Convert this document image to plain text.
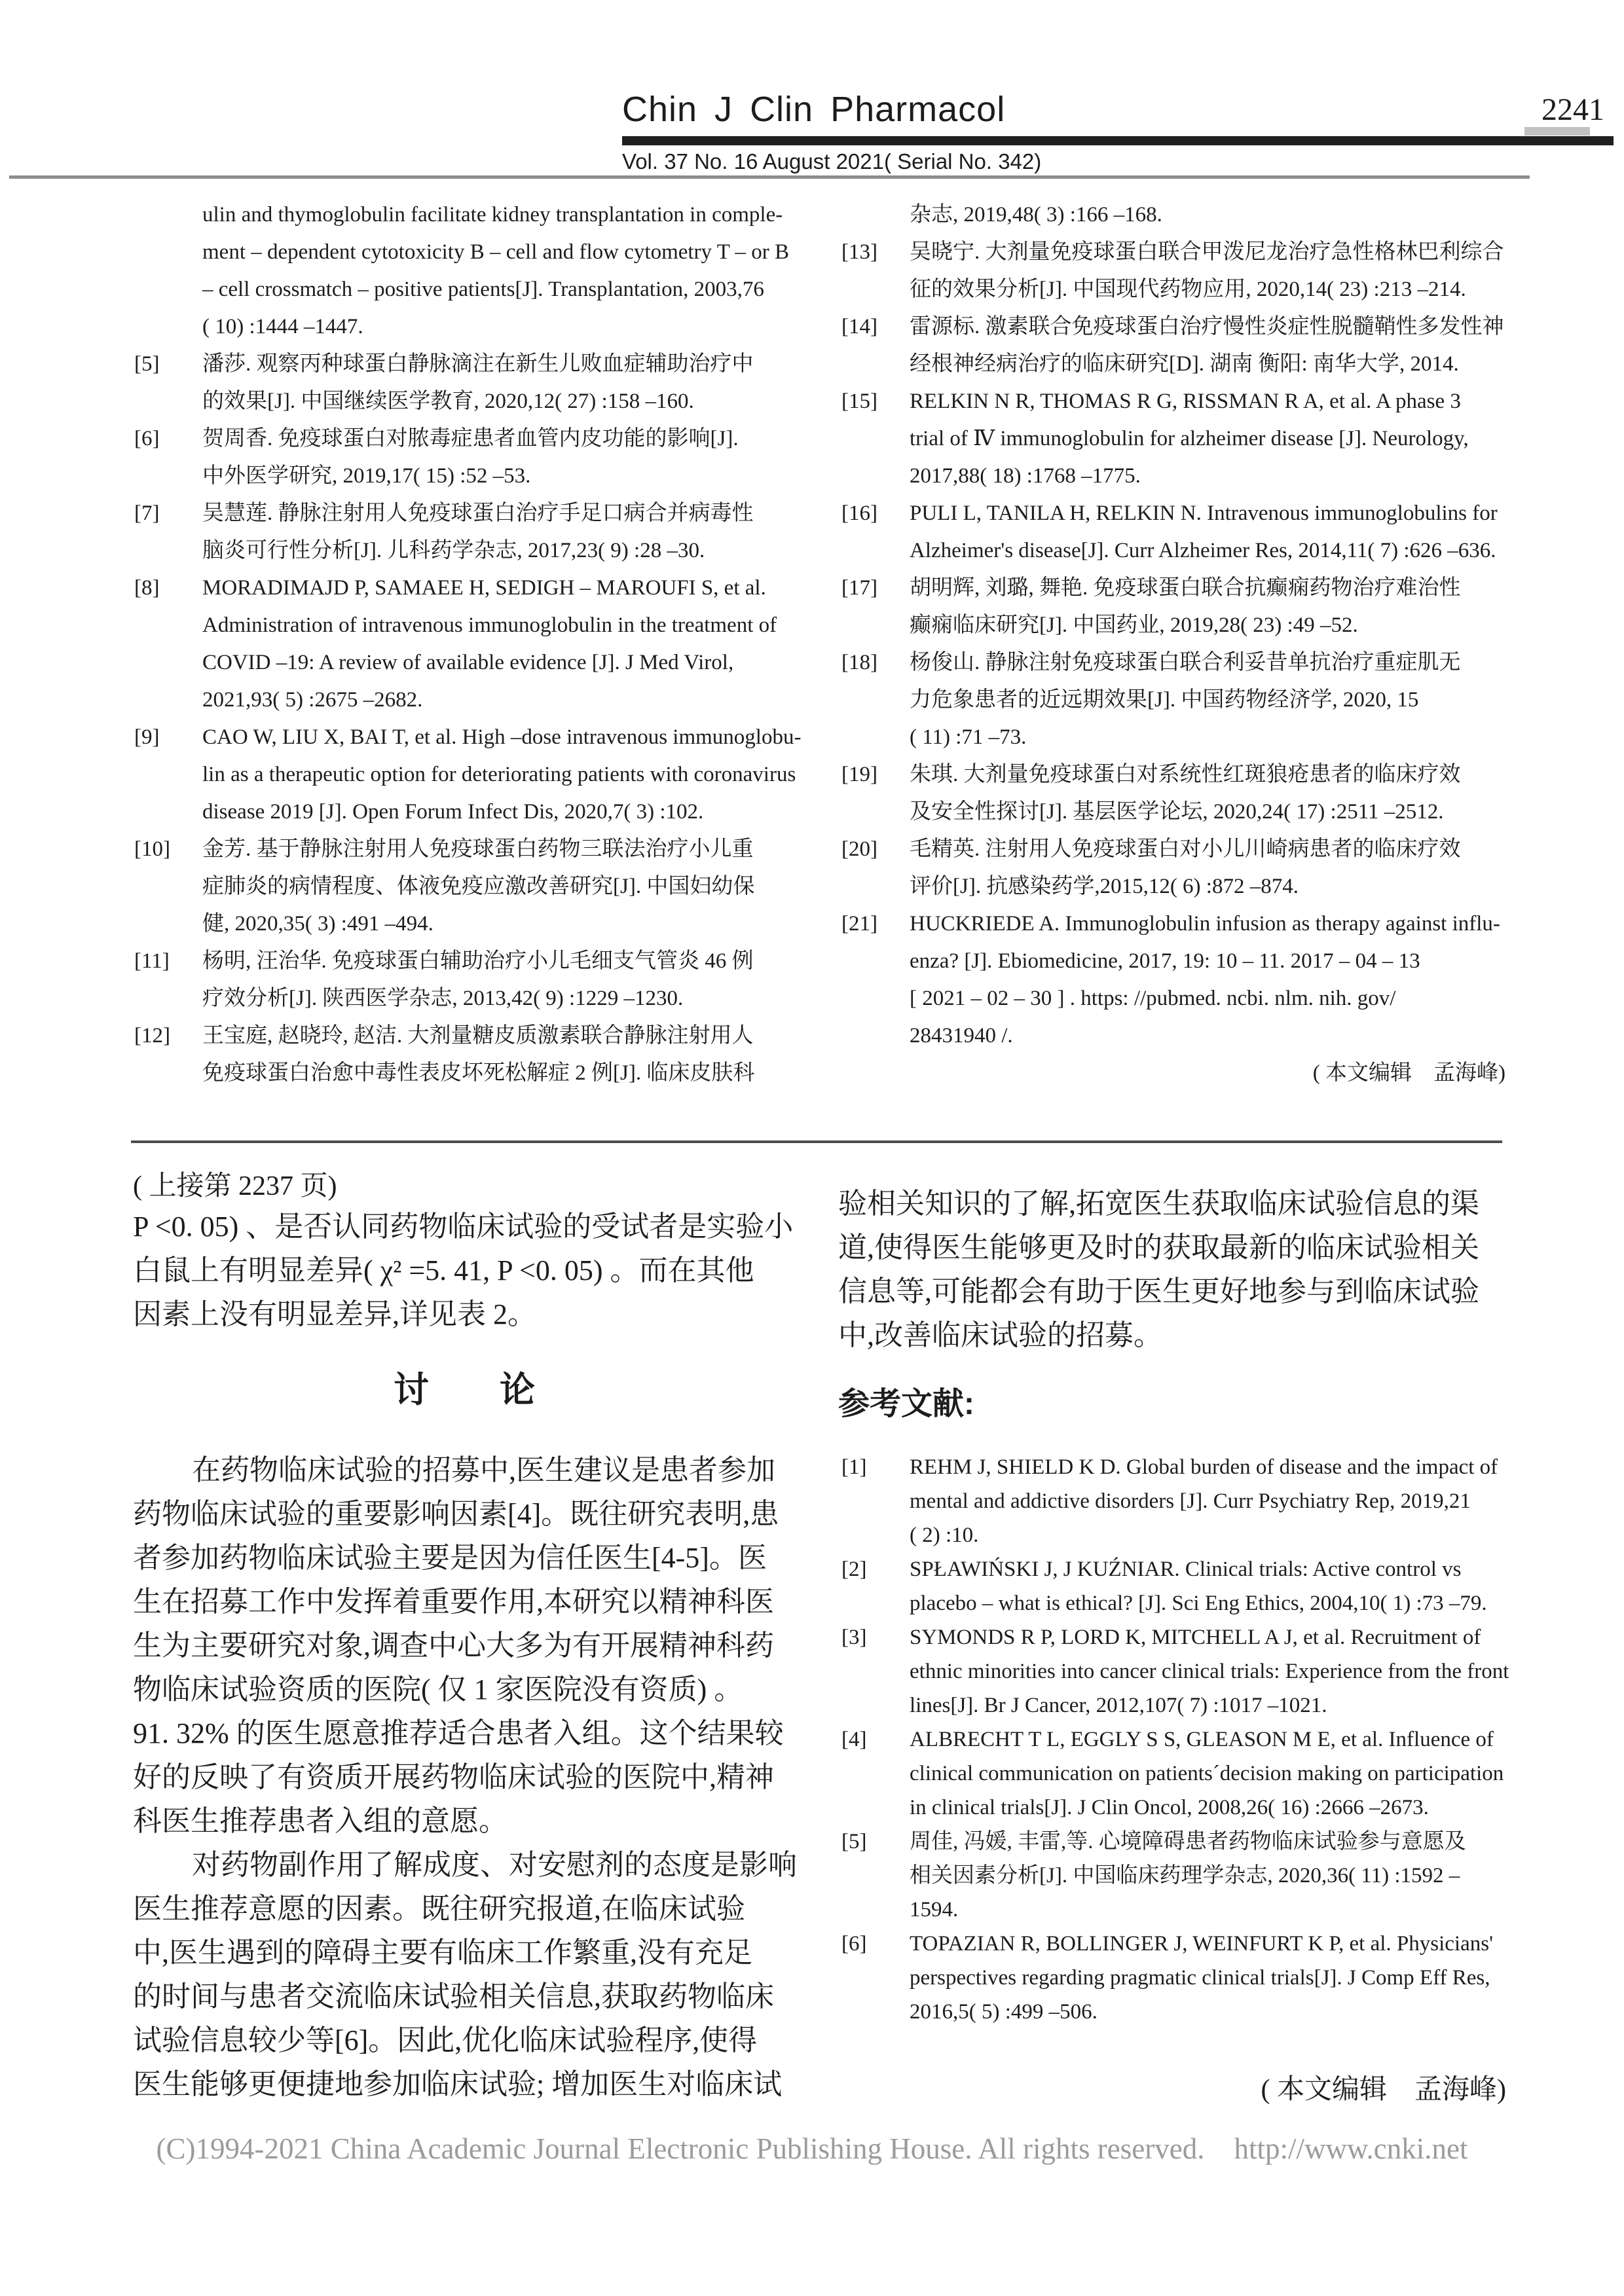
Chin J Clin Pharmacol	2241
Vol. 37 No. 16 August 2021( Serial No. 342)
ulin and thymoglobulin facilitate kidney transplantation in comple-
ment – dependent cytotoxicity B – cell and flow cytometry T – or B
– cell crossmatch – positive patients[J]. Transplantation, 2003,76
( 10) :1444 –1447.
[5]	潘莎. 观察丙种球蛋白静脉滴注在新生儿败血症辅助治疗中
的效果[J]. 中国继续医学教育, 2020,12( 27) :158 –160.
[6]	贺周香. 免疫球蛋白对脓毒症患者血管内皮功能的影响[J].
中外医学研究, 2019,17( 15) :52 –53.
[7]	吴慧莲. 静脉注射用人免疫球蛋白治疗手足口病合并病毒性
脑炎可行性分析[J]. 儿科药学杂志, 2017,23( 9) :28 –30.
[8]	MORADIMAJD P, SAMAEE H, SEDIGH – MAROUFI S, et al.
Administration of intravenous immunoglobulin in the treatment of
COVID –19: A review of available evidence [J]. J Med Virol,
2021,93( 5) :2675 –2682.
[9]	CAO W, LIU X, BAI T, et al. High –dose intravenous immunoglobu-
lin as a therapeutic option for deteriorating patients with coronavirus
disease 2019 [J]. Open Forum Infect Dis, 2020,7( 3) :102.
[10]	金芳. 基于静脉注射用人免疫球蛋白药物三联法治疗小儿重
症肺炎的病情程度、体液免疫应激改善研究[J]. 中国妇幼保
健, 2020,35( 3) :491 –494.
[11]	杨明, 汪治华. 免疫球蛋白辅助治疗小儿毛细支气管炎 46 例
疗效分析[J]. 陕西医学杂志, 2013,42( 9) :1229 –1230.
[12]	王宝庭, 赵晓玲, 赵洁. 大剂量糖皮质激素联合静脉注射用人
免疫球蛋白治愈中毒性表皮坏死松解症 2 例[J]. 临床皮肤科
杂志, 2019,48( 3) :166 –168.
[13]	吴晓宁. 大剂量免疫球蛋白联合甲泼尼龙治疗急性格林巴利综合
征的效果分析[J]. 中国现代药物应用, 2020,14( 23) :213 –214.
[14]	雷源标. 激素联合免疫球蛋白治疗慢性炎症性脱髓鞘性多发性神
经根神经病治疗的临床研究[D]. 湖南 衡阳: 南华大学, 2014.
[15]	RELKIN N R, THOMAS R G, RISSMAN R A, et al. A phase 3
trial of Ⅳ immunoglobulin for alzheimer disease [J]. Neurology,
2017,88( 18) :1768 –1775.
[16]	PULI L, TANILA H, RELKIN N. Intravenous immunoglobulins for
Alzheimer's disease[J]. Curr Alzheimer Res, 2014,11( 7) :626 –636.
[17]	胡明辉, 刘璐, 舞艳. 免疫球蛋白联合抗癫痫药物治疗难治性
癫痫临床研究[J]. 中国药业, 2019,28( 23) :49 –52.
[18]	杨俊山. 静脉注射免疫球蛋白联合利妥昔单抗治疗重症肌无
力危象患者的近远期效果[J]. 中国药物经济学, 2020, 15
( 11) :71 –73.
[19]	朱琪. 大剂量免疫球蛋白对系统性红斑狼疮患者的临床疗效
及安全性探讨[J]. 基层医学论坛, 2020,24( 17) :2511 –2512.
[20]	毛精英. 注射用人免疫球蛋白对小儿川崎病患者的临床疗效
评价[J]. 抗感染药学,2015,12( 6) :872 –874.
[21]	HUCKRIEDE A. Immunoglobulin infusion as therapy against influ-
enza? [J]. Ebiomedicine, 2017, 19: 10 – 11. 2017 – 04 – 13
[ 2021 – 02 – 30 ] . https: //pubmed. ncbi. nlm. nih. gov/
28431940 /.
( 本文编辑　孟海峰)
( 上接第 2237 页)
P <0. 05) 、是否认同药物临床试验的受试者是实验小
白鼠上有明显差异( χ² =5. 41, P <0. 05) 。而在其他
因素上没有明显差异,详见表 2。
讨　　论
在药物临床试验的招募中,医生建议是患者参加
药物临床试验的重要影响因素[4]。既往研究表明,患
者参加药物临床试验主要是因为信任医生[4-5]。医
生在招募工作中发挥着重要作用,本研究以精神科医
生为主要研究对象,调查中心大多为有开展精神科药
物临床试验资质的医院( 仅 1 家医院没有资质) 。
91. 32% 的医生愿意推荐适合患者入组。这个结果较
好的反映了有资质开展药物临床试验的医院中,精神
科医生推荐患者入组的意愿。
对药物副作用了解成度、对安慰剂的态度是影响
医生推荐意愿的因素。既往研究报道,在临床试验
中,医生遇到的障碍主要有临床工作繁重,没有充足
的时间与患者交流临床试验相关信息,获取药物临床
试验信息较少等[6]。因此,优化临床试验程序,使得
医生能够更便捷地参加临床试验; 增加医生对临床试
验相关知识的了解,拓宽医生获取临床试验信息的渠
道,使得医生能够更及时的获取最新的临床试验相关
信息等,可能都会有助于医生更好地参与到临床试验
中,改善临床试验的招募。
参考文献:
[1]	REHM J, SHIELD K D. Global burden of disease and the impact of
mental and addictive disorders [J]. Curr Psychiatry Rep, 2019,21
( 2) :10.
[2]	SPŁAWIŃSKI J, J KUŹNIAR. Clinical trials: Active control vs
placebo – what is ethical? [J]. Sci Eng Ethics, 2004,10( 1) :73 –79.
[3]	SYMONDS R P, LORD K, MITCHELL A J, et al. Recruitment of
ethnic minorities into cancer clinical trials: Experience from the front
lines[J]. Br J Cancer, 2012,107( 7) :1017 –1021.
[4]	ALBRECHT T L, EGGLY S S, GLEASON M E, et al. Influence of
clinical communication on patients´decision making on participation
in clinical trials[J]. J Clin Oncol, 2008,26( 16) :2666 –2673.
[5]	周佳, 冯媛, 丰雷,等. 心境障碍患者药物临床试验参与意愿及
相关因素分析[J]. 中国临床药理学杂志, 2020,36( 11) :1592 –
1594.
[6]	TOPAZIAN R, BOLLINGER J, WEINFURT K P, et al. Physicians'
perspectives regarding pragmatic clinical trials[J]. J Comp Eff Res,
2016,5( 5) :499 –506.
( 本文编辑　孟海峰)
(C)1994-2021 China Academic Journal Electronic Publishing House. All rights reserved.  http://www.cnki.net
